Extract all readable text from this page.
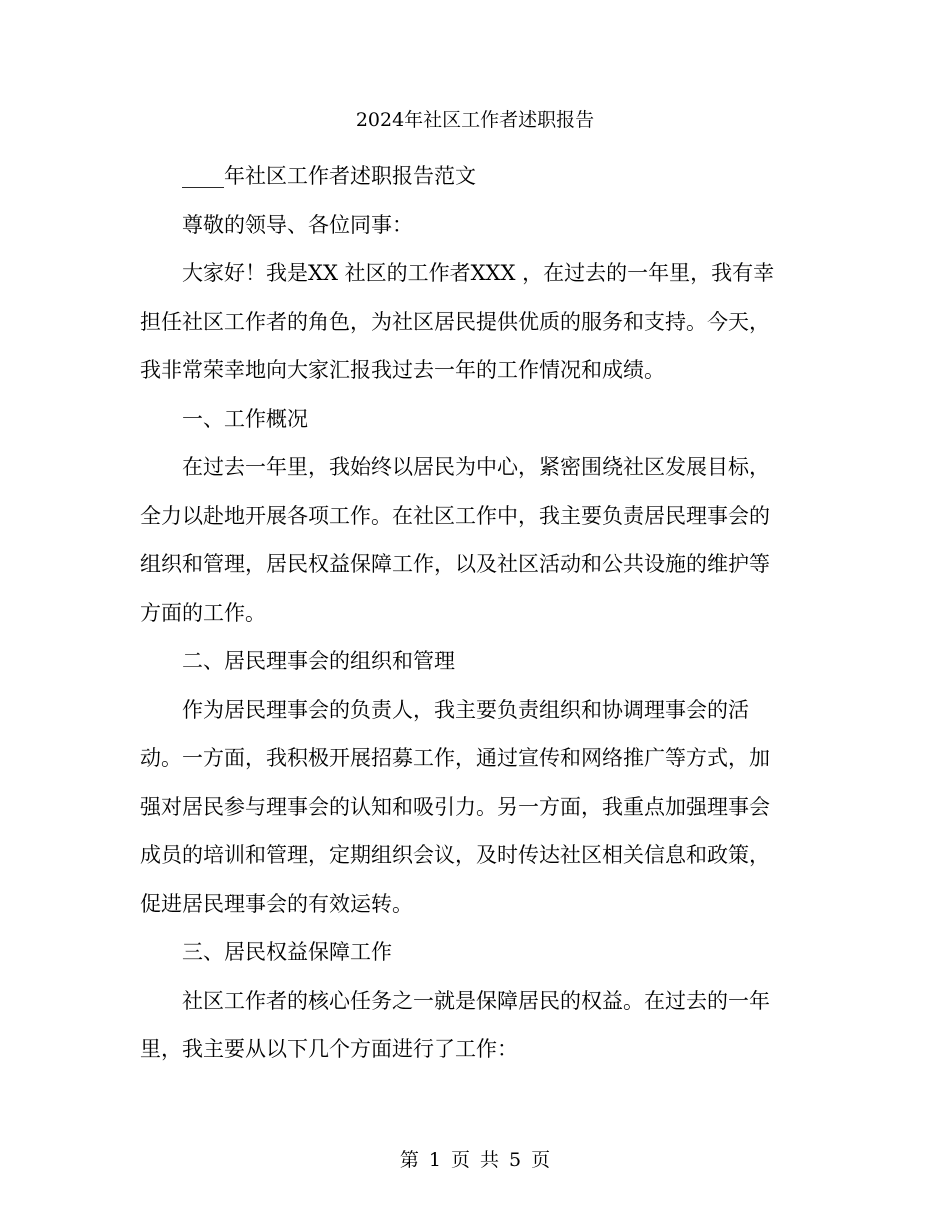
2024年社区工作者述职报告

____年社区工作者述职报告范文

尊敬的领导、各位同事：

大家好！我是XX 社区的工作者XXX ，在过去的一年里，我有幸
担任社区工作者的角色，为社区居民提供优质的服务和支持。今天，
我非常荣幸地向大家汇报我过去一年的工作情况和成绩。

一、工作概况

在过去一年里，我始终以居民为中心，紧密围绕社区发展目标，
全力以赴地开展各项工作。在社区工作中，我主要负责居民理事会的
组织和管理，居民权益保障工作，以及社区活动和公共设施的维护等
方面的工作。

二、居民理事会的组织和管理

作为居民理事会的负责人，我主要负责组织和协调理事会的活
动。一方面，我积极开展招募工作，通过宣传和网络推广等方式，加
强对居民参与理事会的认知和吸引力。另一方面，我重点加强理事会
成员的培训和管理，定期组织会议，及时传达社区相关信息和政策，
促进居民理事会的有效运转。

三、居民权益保障工作

社区工作者的核心任务之一就是保障居民的权益。在过去的一年
里，我主要从以下几个方面进行了工作：

第 1 页 共 5 页
